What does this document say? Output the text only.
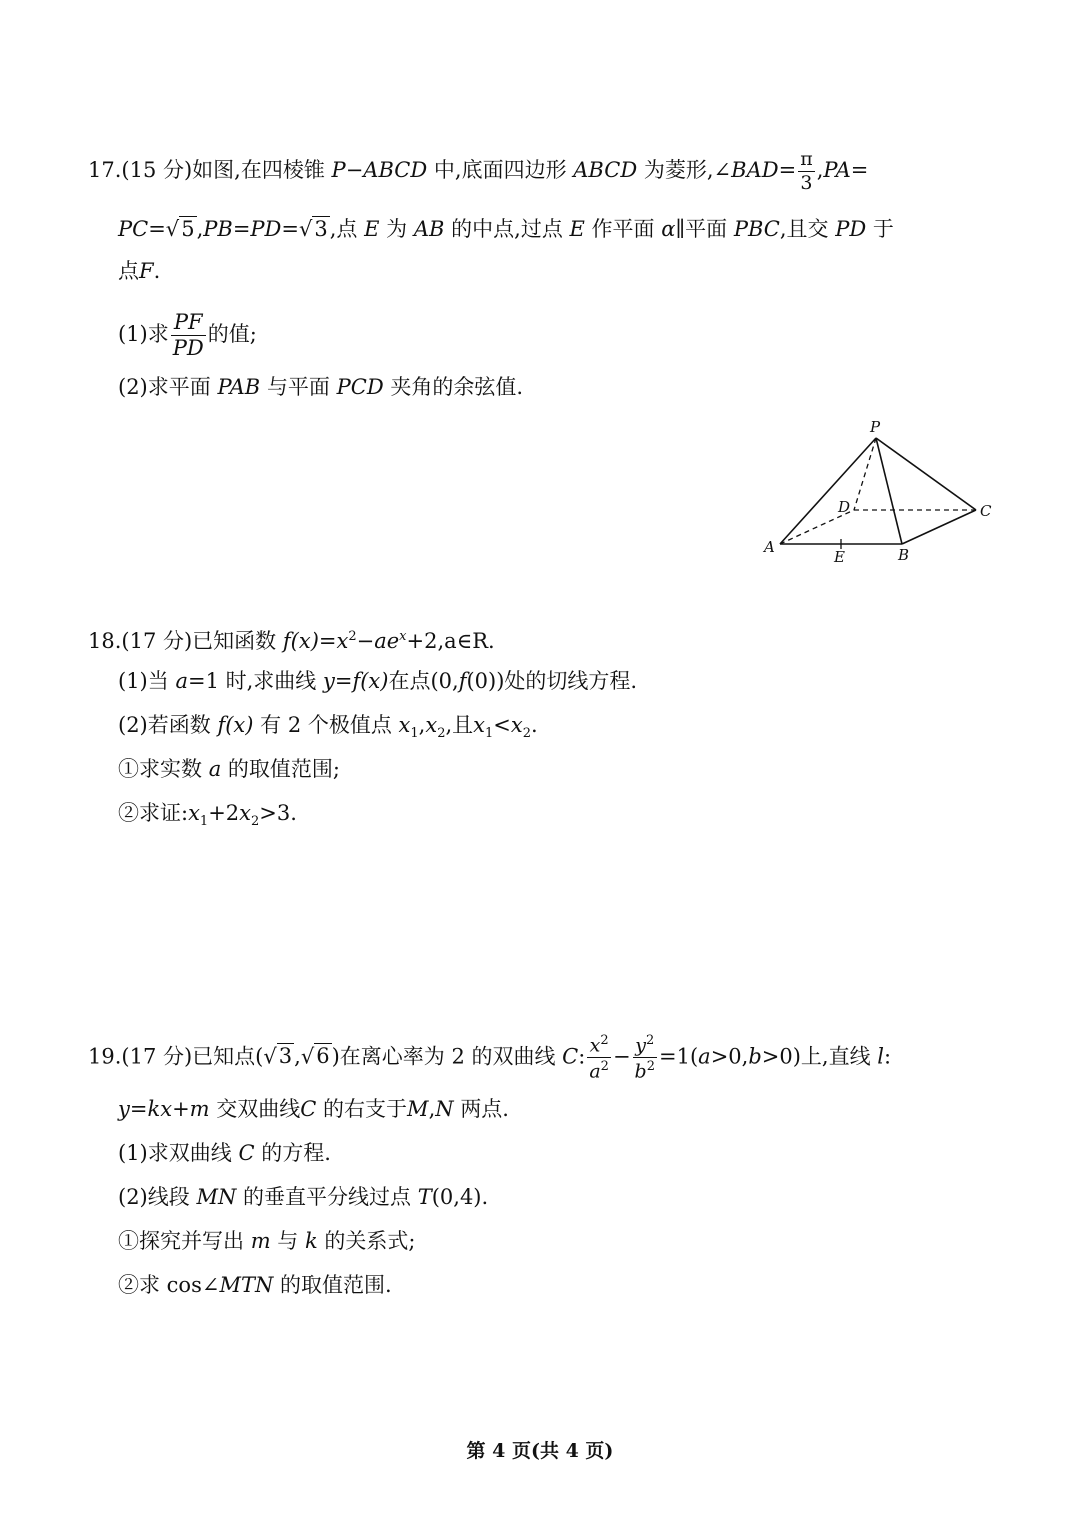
17.(15 分)如图,在四棱锥 P−ABCD 中,底面四边形 ABCD 为菱形,∠BAD= $\frac{\pi}{3} ,PA=$
PC=√5,PB=PD=√3,点 E 为 AB 的中点,过点 E 作平面 α∥平面 PBC,且交 PD 于
点F.
(1)求 $\frac{PF}{PD}$ 的值;
(2)求平面 PAB 与平面 PCD 夹角的余弦值.
P
A	B
C
D
E
18.(17 分)已知函数 $f(x)=x^2-ae^x+2,a\in R$.
(1)当 a=1 时,求曲线 y=f(x)在点(0,f(0))处的切线方程.
(2)若函数 f(x) 有 2 个极值点 $x_1,x_2$,且$x_1<x_2$.
①求实数 a 的取值范围;
②求证$:x_1+2x_2>3$.
19.(17 分)已知点(√3,√6)在离心率为 2 的双曲线 C: $\frac{x^2}{a^2} - \frac{y^2}{b^2} =1(a>0,b>0)$上,直线 l:
y=kx+m 交双曲线C 的右支于M,N 两点.
(1)求双曲线 C 的方程.
(2)线段 MN 的垂直平分线过点 T(0,4).
①探究并写出 m 与 k 的关系式;
②求 cos∠MTN 的取值范围.
第 4 页(共 4 页)
